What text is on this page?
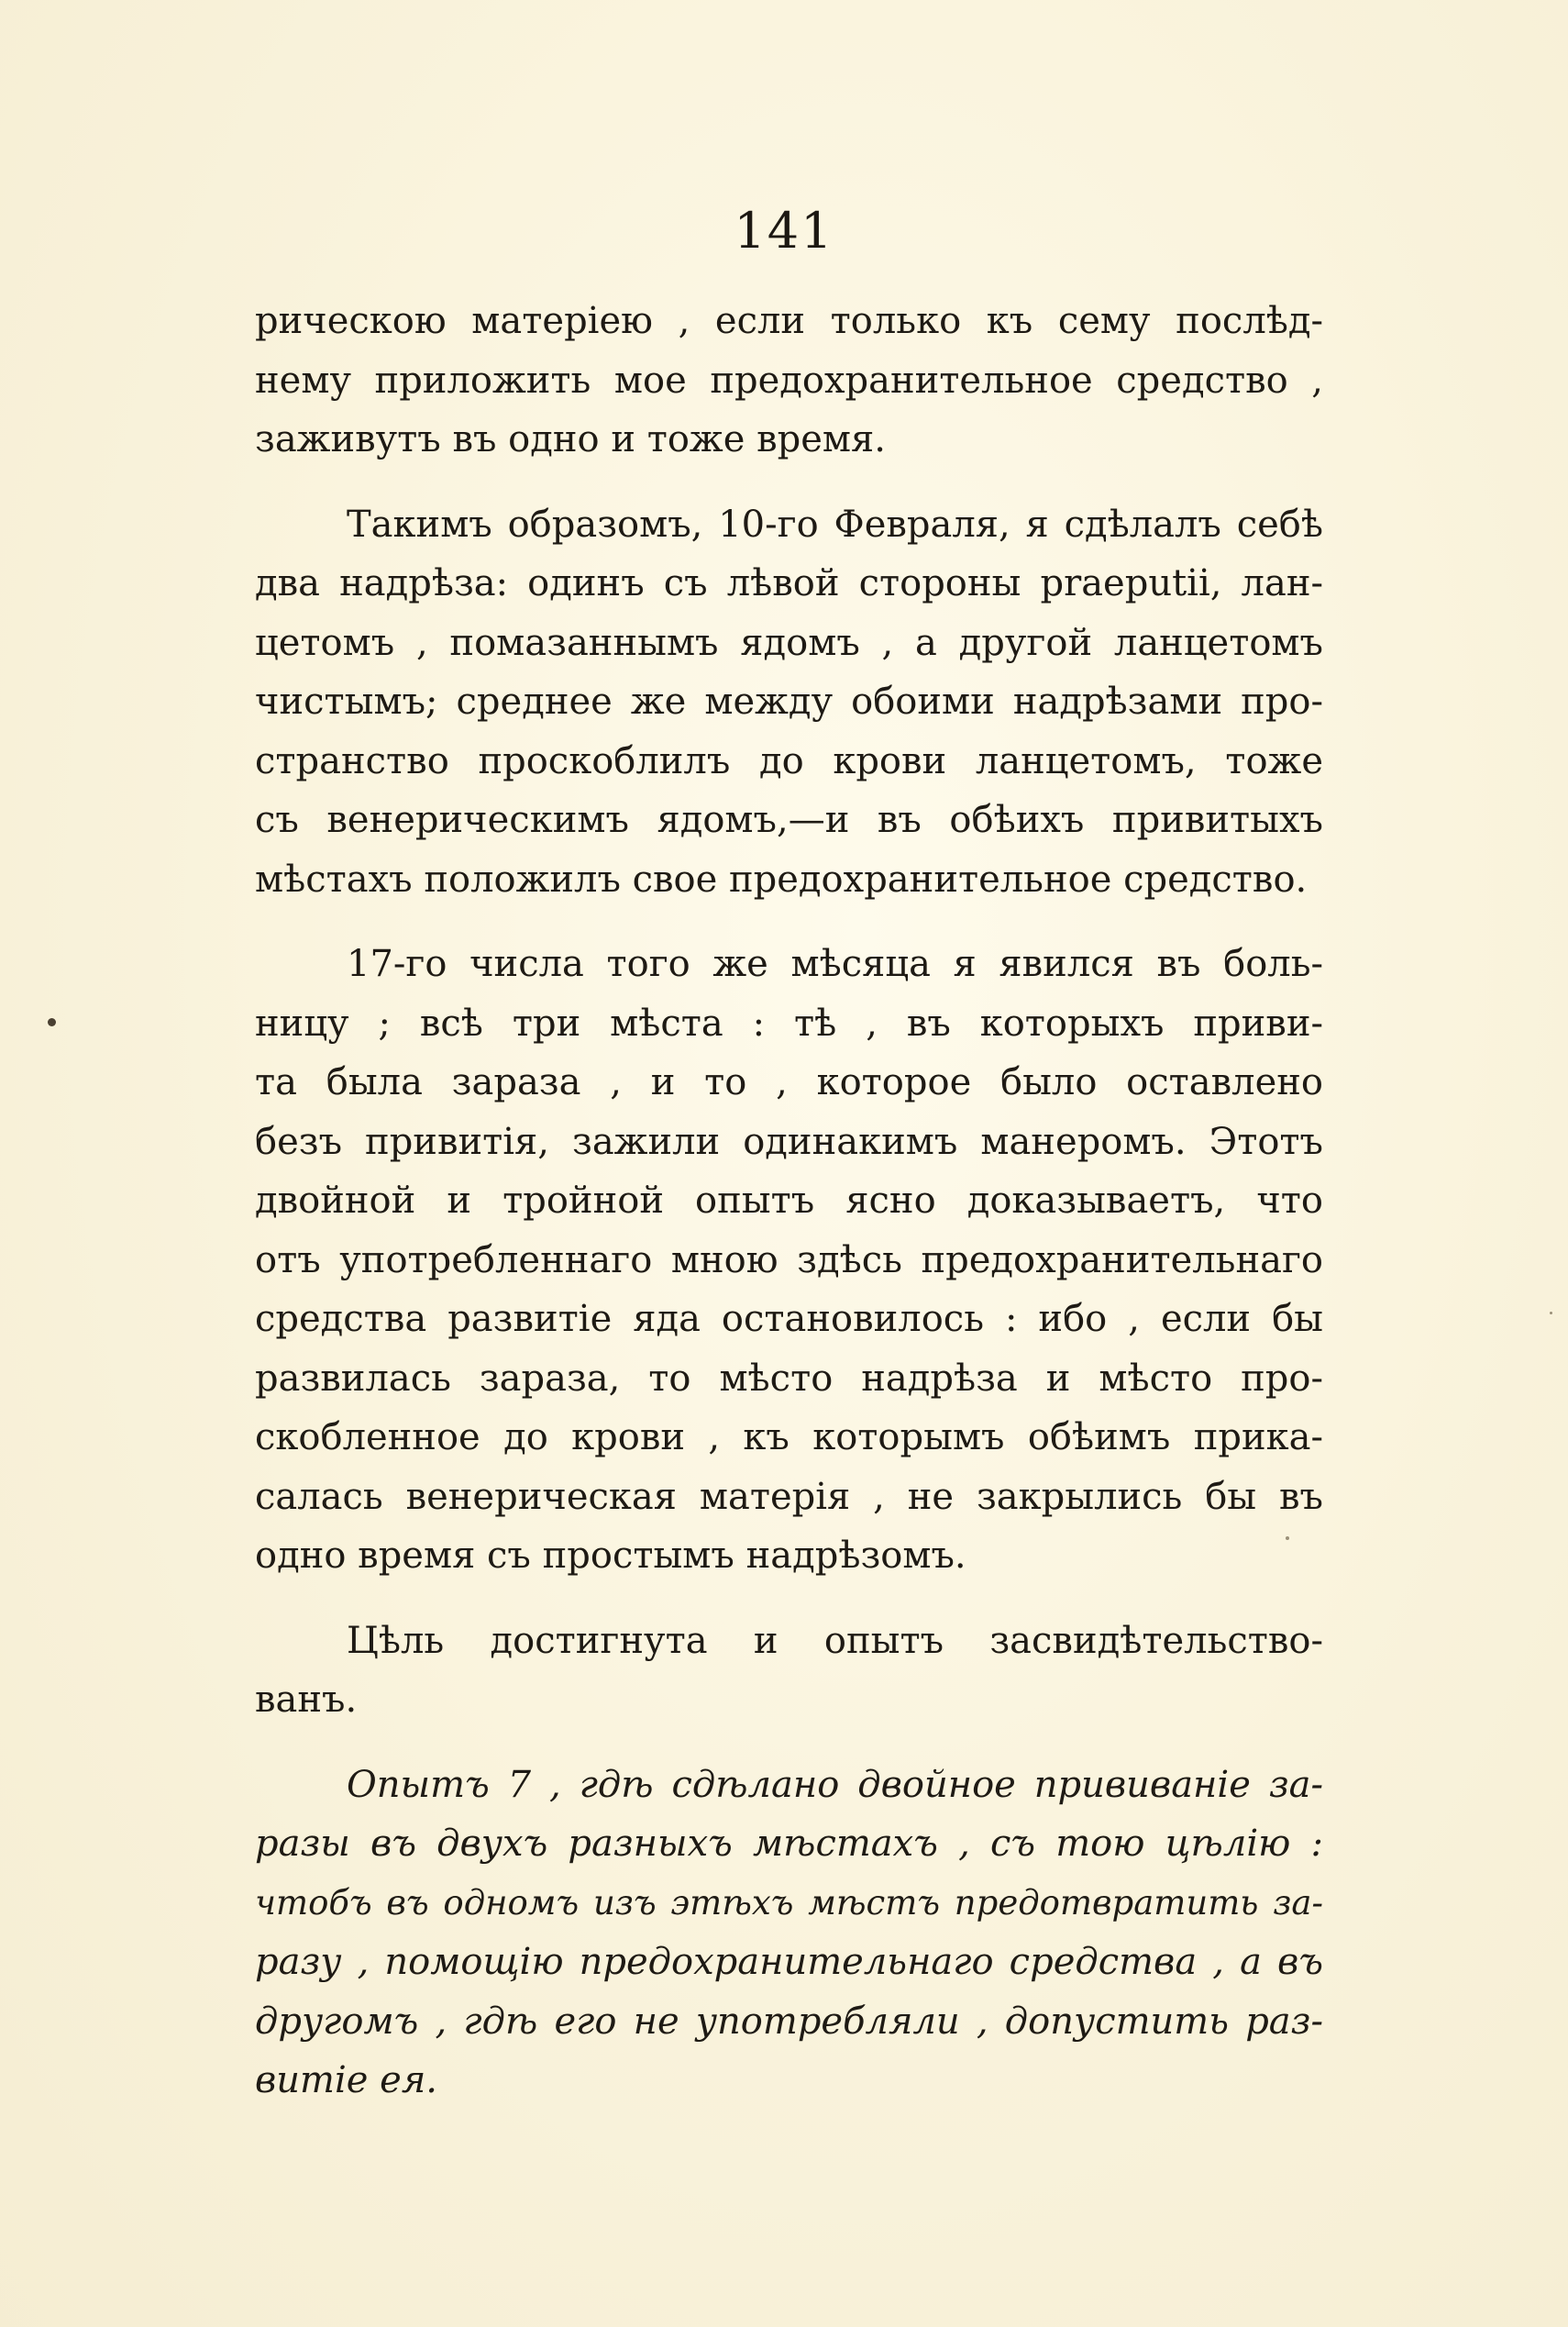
141
рическою матеріею , если только къ сему послѣд-
нему приложить мое предохранительное средство ,
заживутъ въ одно и тоже время.
Такимъ образомъ, 10-го Февраля, я сдѣлалъ себѣ
два надрѣза: одинъ съ лѣвой стороны praeputii, лан-
цетомъ , помазаннымъ ядомъ , а другой ланцетомъ
чистымъ; среднее же между обоими надрѣзами про-
странство проскоблилъ до крови ланцетомъ, тоже
съ венерическимъ ядомъ,—и въ обѣихъ привитыхъ
мѣстахъ положилъ свое предохранительное средство.
17-го числа того же мѣсяца я явился въ боль-
ницу ; всѣ три мѣста : тѣ , въ которыхъ приви-
та была зараза , и то , которое было оставлено
безъ привитія, зажили одинакимъ манеромъ. Этотъ
двойной и тройной опытъ ясно доказываетъ, что
отъ употребленнаго мною здѣсь предохранительнаго
средства развитіе яда остановилось : ибо , если бы
развилась зараза, то мѣсто надрѣза и мѣсто про-
скобленное до крови , къ которымъ обѣимъ прика-
салась венерическая матерія , не закрылись бы въ
одно время съ простымъ надрѣзомъ.
Цѣль достигнута и опытъ засвидѣтельство-
ванъ.
Опытъ 7 , гдѣ сдѣлано двойное прививаніе за-
разы въ двухъ разныхъ мѣстахъ , съ тою цѣлію :
чтобъ въ одномъ изъ этѣхъ мѣстъ предотвратить за-
разу , помощію предохранительнаго средства , а въ
другомъ , гдѣ его не употребляли , допустить раз-
витіе ея.
